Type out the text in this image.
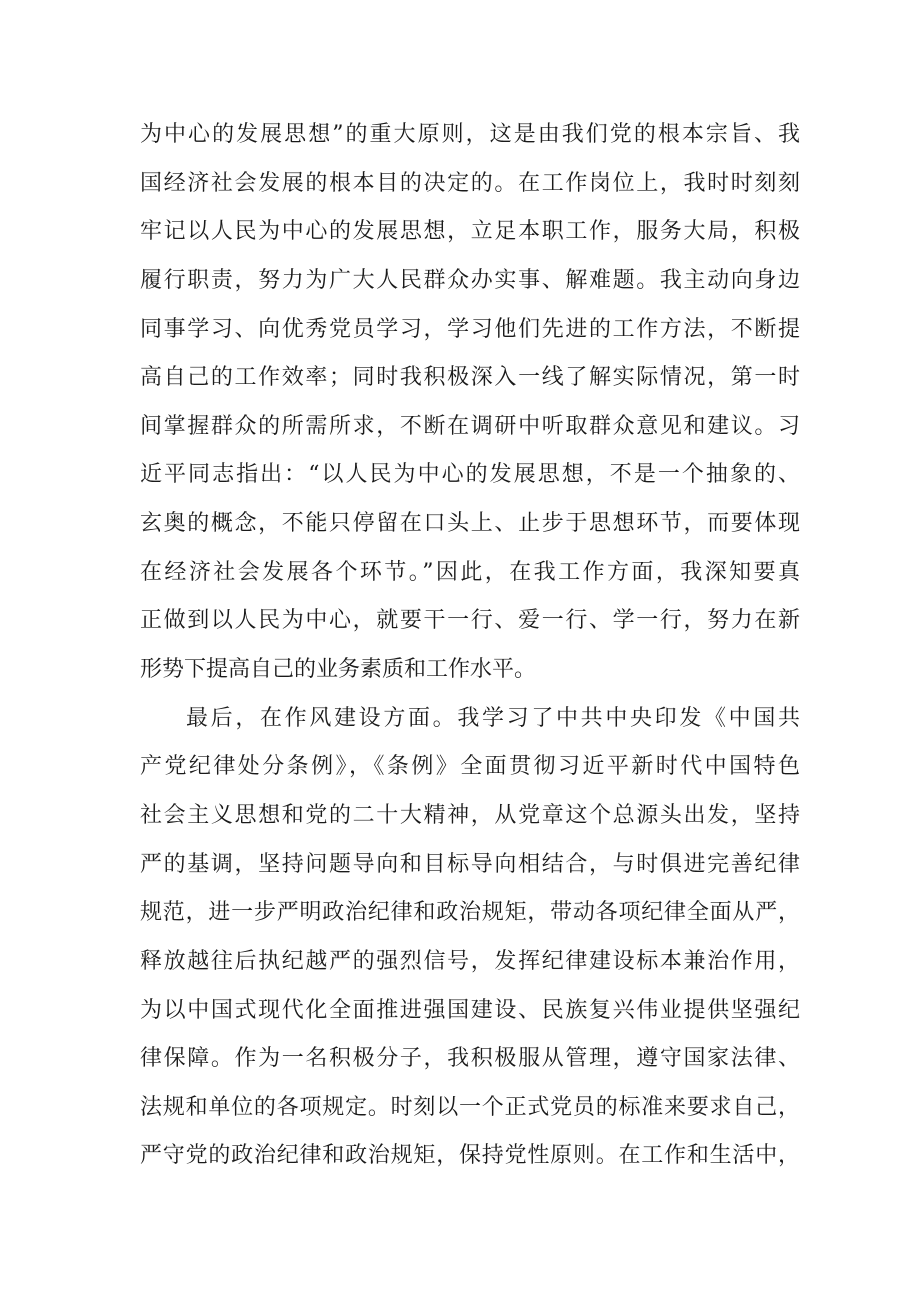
为中心的发展思想”的重大原则，这是由我们党的根本宗旨、我
国经济社会发展的根本目的决定的。在工作岗位上，我时时刻刻
牢记以人民为中心的发展思想，立足本职工作，服务大局，积极
履行职责，努力为广大人民群众办实事、解难题。我主动向身边
同事学习、向优秀党员学习，学习他们先进的工作方法，不断提
高自己的工作效率；同时我积极深入一线了解实际情况，第一时
间掌握群众的所需所求，不断在调研中听取群众意见和建议。习
近平同志指出：“以人民为中心的发展思想，不是一个抽象的、
玄奥的概念，不能只停留在口头上、止步于思想环节，而要体现
在经济社会发展各个环节。”因此，在我工作方面，我深知要真
正做到以人民为中心，就要干一行、爱一行、学一行，努力在新
形势下提高自己的业务素质和工作水平。
最后，在作风建设方面。我学习了中共中央印发《中国共
产党纪律处分条例》，《条例》全面贯彻习近平新时代中国特色
社会主义思想和党的二十大精神，从党章这个总源头出发，坚持
严的基调，坚持问题导向和目标导向相结合，与时俱进完善纪律
规范，进一步严明政治纪律和政治规矩，带动各项纪律全面从严，
释放越往后执纪越严的强烈信号，发挥纪律建设标本兼治作用，
为以中国式现代化全面推进强国建设、民族复兴伟业提供坚强纪
律保障。作为一名积极分子，我积极服从管理，遵守国家法律、
法规和单位的各项规定。时刻以一个正式党员的标准来要求自己，
严守党的政治纪律和政治规矩，保持党性原则。在工作和生活中，
